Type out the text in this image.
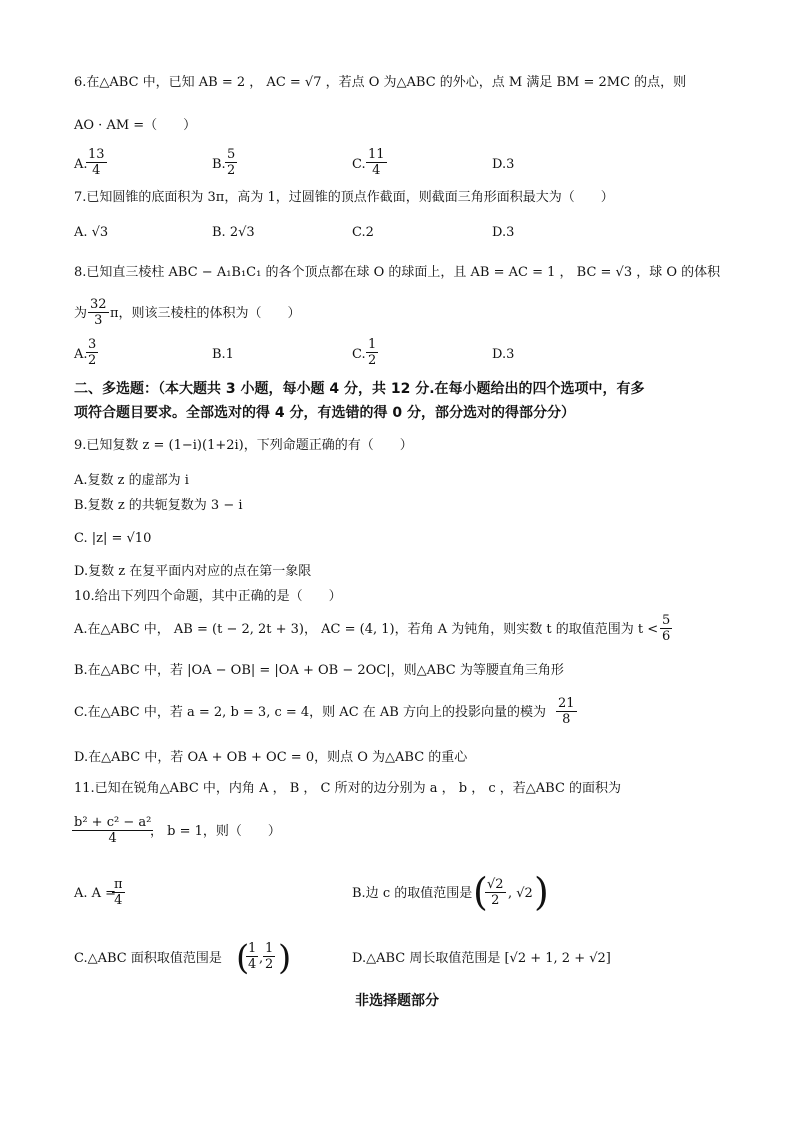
6.在△ABC 中，已知 AB = 2 ， AC = √7 ，若点 O 为△ABC 的外心，点 M 满足 BM = 2MC 的点，则
AO · AM =（　　）
A.
$\frac{13}{4}$	B. $\frac{5}{2}$	C. $\frac{11}{4}$	D.3
7.已知圆锥的底面积为 3π，高为 1，过圆锥的顶点作截面，则截面三角形面积最大为（　　）
A. √3	B. 2√3	C.2	D.3
8.已知直三棱柱 ABC − A₁B₁C₁ 的各个顶点都在球 O 的球面上，且 AB = AC = 1 ， BC = √3 ，球 O 的体积
为 $\frac{32}{3}$ π，则该三棱柱的体积为（　　）
A.
$\frac{3}{2}$	B.1	C. $\frac{1}{2}$	D.3
二、多选题：（本大题共 3 小题，每小题 4 分，共 12 分.在每小题给出的四个选项中，有多
项符合题目要求。全部选对的得 4 分，有选错的得 0 分，部分选对的得部分分）
9.已知复数 z = (1−i)(1+2i)，下列命题正确的有（　　）
A.复数 z 的虚部为 i
B.复数 z 的共轭复数为 3 − i
C. |z| = √10
D.复数 z 在复平面内对应的点在第一象限
10.给出下列四个命题，其中正确的是（　　）
A.在△ABC 中， AB = (t − 2, 2t + 3)， AC = (4, 1)，若角 A 为钝角，则实数 t 的取值范围为 $t < \frac{5}{6}$
B.在△ABC 中，若 |OA − OB| = |OA + OB − 2OC|，则△ABC 为等腰直角三角形
C.在△ABC 中，若 a = 2, b = 3, c = 4，则 AC 在 AB 方向上的投影向量的模为 $\frac{21}{8}$
D.在△ABC 中，若 OA + OB + OC = 0，则点 O 为△ABC 的重心
11.已知在锐角△ABC 中，内角 A ， B ， C 所对的边分别为 a ， b ， c ，若△ABC 的面积为
$\frac{\text{b² + c² − a²}}{4}$
， b = 1，则（　　）
A. A =
$\frac{\pi}{4}$	B.边 c 的取值范围是 (
$\frac{√2}{2}$ , √2 )
C.△ABC 面积取值范围是 (
$\frac{1}{4}$ , $\frac{1}{2}$ )	D.△ABC 周长取值范围是 [√2 + 1, 2 + √2]
非选择题部分
